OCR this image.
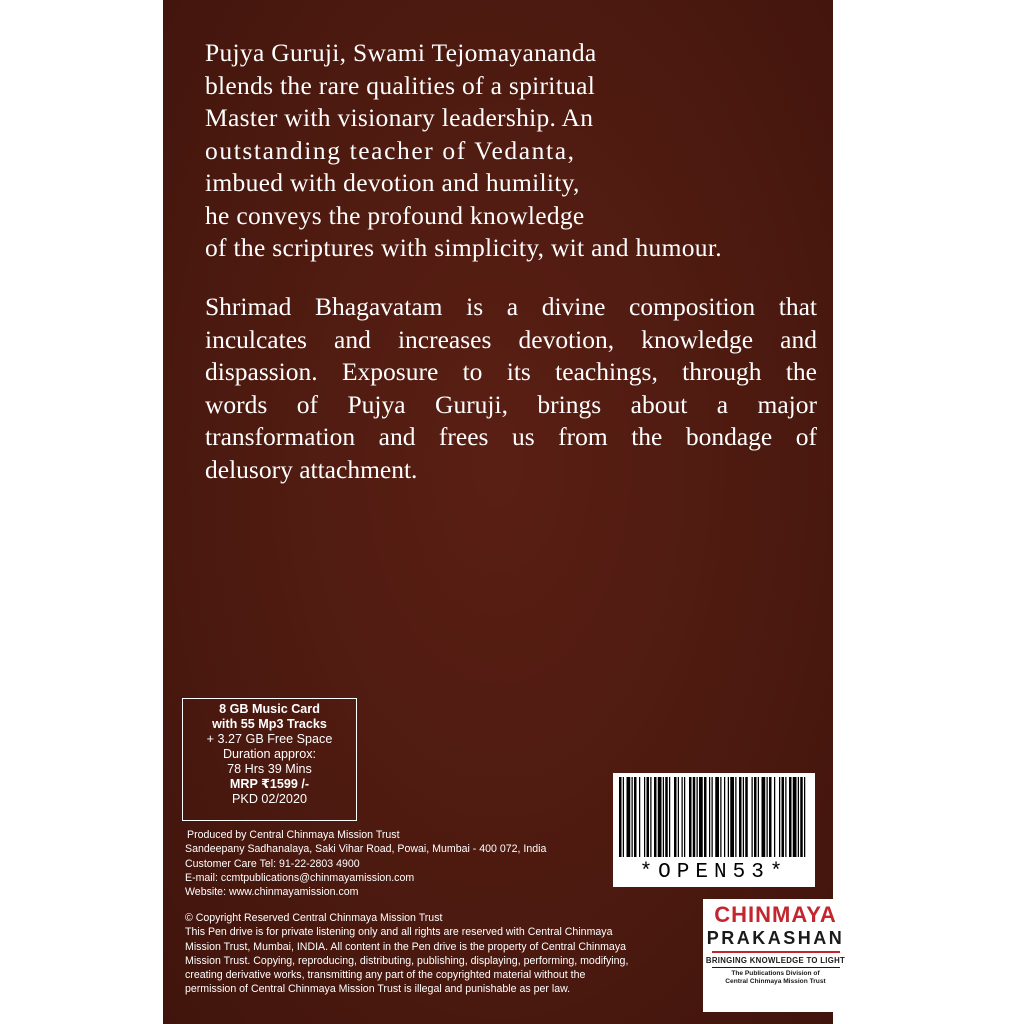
Pujya Guruji, Swami Tejomayananda
blends the rare qualities of a spiritual
Master with visionary leadership. An
outstanding teacher of Vedanta,
imbued with devotion and humility,
he conveys the profound knowledge
of the scriptures with simplicity, wit and humour.
Shrimad Bhagavatam is a divine composition that
inculcates and increases devotion, knowledge and
dispassion. Exposure to its teachings, through the
words of Pujya Guruji, brings about a major
transformation and frees us from the bondage of
delusory attachment.
8 GB Music Card
with 55 Mp3 Tracks
+ 3.27 GB Free Space
Duration approx:
78 Hrs 39 Mins
MRP ₹1599 /-
PKD 02/2020
Produced by Central Chinmaya Mission Trust
Sandeepany Sadhanalaya, Saki Vihar Road, Powai, Mumbai - 400 072, India
Customer Care Tel: 91-22-2803 4900
E-mail: ccmtpublications@chinmayamission.com
Website: www.chinmayamission.com
© Copyright Reserved Central Chinmaya Mission Trust
This Pen drive is for private listening only and all rights are reserved with Central Chinmaya
Mission Trust, Mumbai, INDIA. All content in the Pen drive is the property of Central Chinmaya
Mission Trust. Copying, reproducing, distributing, publishing, displaying, performing, modifying,
creating derivative works, transmitting any part of the copyrighted material without the
permission of Central Chinmaya Mission Trust is illegal and punishable as per law.
*OPEN53*
CHINMAYA
PRAKASHAN
BRINGING KNOWLEDGE TO LIGHT
The Publications Division of
Central Chinmaya Mission Trust
